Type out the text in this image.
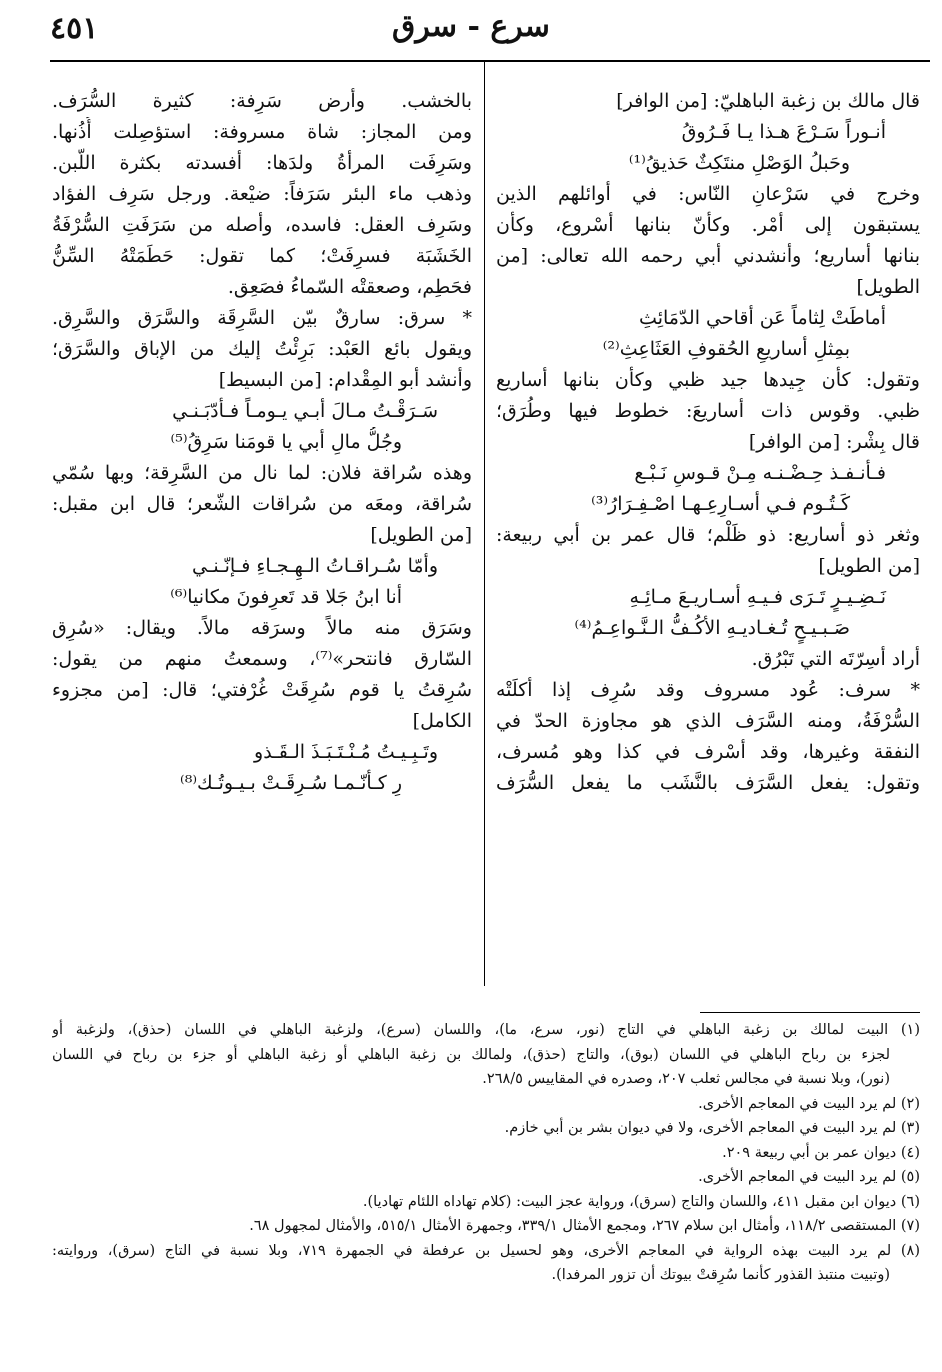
٤٥١	سرع - سرق
قال مالك بن زغبة الباهليّ: [من الوافر]
أنـوراً سَـرْعَ هـذا يـا فَـرُوقُ
وحَبلُ الوَصْلِ منتَكِثٌ حَذيقُ⁽¹⁾
وخرج في سَرْعانِ النّاس: في أوائلهم الذين
يستبقون إلى أمْر. وكأنّ بنانها أسْروع، وكأن
بنانها أساريع؛ وأنشدني أبي رحمه الله تعالى: [من
الطويل]
أماطَتْ لِثاماً عَن أقاحي الدّمَائِثِ
بمِثلِ أساريعِ الحُقوفِ العَثَاعِثِ⁽²⁾
وتقول: كأن جِيدها جيد ظبي وكأن بنانها أساريع
ظبي. وقوس ذات أساريعَ: خطوط فيها وطُرَق؛
قال بِشْر: [من الوافر]
فـأنـفـذ حِـضْـنـه مِـنْ قـوسِ نَـبْـع
كَـتُـوم فـي أسـارِعِـهـا اصْـفِـرَارُ⁽³⁾
وثغر ذو أساريع: ذو ظَلْم؛ قال عمر بن أبي ربيعة:
[من الطويل]
نَـضِـيـرٍ تَـرَى فـيـهِ أسـاريـعَ مـائِـهِ
صَـبـيـحٍ تُـغـاديـهِ الأكُـفُّ الـنَّـواعِـمُ⁽⁴⁾
أراد أسِرّتَه التي تَبْرُق.
* سرف: عُود مسروف وقد سُرِف إذا أكلَتْه
السُّرْفَةُ، ومنه السَّرَف الذي هو مجاوزة الحدّ في
النفقة وغيرها، وقد أسْرف في كذا وهو مُسرف،
وتقول: يفعل السَّرَف بالنَّشَب ما يفعل السُّرَف
بالخشب. وأرض سَرِفة: كثيرة السُّرَف.
ومن المجاز: شاة مسروفة: استؤصِلت أُذُنها.
وسَرِفَت المرأةُ ولدَها: أفسدته بكثرة اللّبن.
وذهب ماء البئر سَرَفاً: ضيْعة. ورجل سَرِف الفؤاد
وسَرِف العقل: فاسده، وأصله من سَرَفَتِ السُّرْفَةُ
الخَشَبَة فسرِفَتْ؛ كما تقول: حَطَمَتْهُ السِّنُّ
فحَطِم، وصعقتْه السّماءُ فصَعِق.
* سرق: سارقٌ بيّن السَّرِقَة والسَّرَق والسَّرِق.
ويقول بائع العَبْد: بَرِئْتُ إليك من الإباق والسَّرَق؛
وأنشد أبو المِقْدام: [من البسيط]
سَـرَقْـتُ مـالَ أبـي يـومـاً فـأدّبَـنـي
وجُلُّ مالِ أبي يا قومَنا سَرِقُ⁽⁵⁾
وهذه سُراقة فلان: لما نال من السَّرِقة؛ وبها سُمّي
سُراقة، ومعَه من سُراقات الشّعر؛ قال ابن مقبل:
[من الطويل]
وأمّا سُـراقـاتُ الـهِـجـاءِ فـإنّـنـي
أنا ابنُ جَلا قد تَعرِفونَ مكانيا⁽⁶⁾
وسَرَق منه مالاً وسرَقه مالاً. ويقال: «سُرِق
السّارق فانتحر»⁽⁷⁾، وسمعتُ منهم من يقول:
سُرِقتُ يا قوم سُرِقَتْ غُرْفتي؛ قال: [من مجزوء
الكامل]
وتَـبِـيـتُ مُـنْـتَـبَـذَ الـقَـذو
رِ كـأنّـمـا سُـرِقَـتْ بـيـوتُـك⁽⁸⁾
(١) البيت لمالك بن زغبة الباهلي في التاج (نور، سرع، ما)، واللسان (سرع)، ولزغبة الباهلي في اللسان (حذق)، ولزغبة أو
لجزء بن رباح الباهلي في اللسان (بوق)، والتاج (حذق)، ولمالك بن زغبة الباهلي أو زغبة الباهلي أو جزء بن رباح في اللسان
(نور)، وبلا نسبة في مجالس ثعلب ٢٠٧، وصدره في المقاييس ٢٦٨/٥.
(٢) لم يرد البيت في المعاجم الأخرى.
(٣) لم يرد البيت في المعاجم الأخرى، ولا في ديوان بشر بن أبي خازم.
(٤) ديوان عمر بن أبي ربيعة ٢٠٩.
(٥) لم يرد البيت في المعاجم الأخرى.
(٦) ديوان ابن مقبل ٤١١، واللسان والتاج (سرق)، ورواية عجز البيت: (كلام تهاداه اللئام تهاديا).
(٧) المستقصى ١١٨/٢، وأمثال ابن سلام ٢٦٧، ومجمع الأمثال ٣٣٩/١، وجمهرة الأمثال ٥١٥/١، والأمثال لمجهول ٦٨.
(٨) لم يرد البيت بهذه الرواية في المعاجم الأخرى، وهو لحسيل بن عرفطة في الجمهرة ٧١٩، وبلا نسبة في التاج (سرق)، وروايته:
(وتبيت منتبذ القذور كأنما سُرِقتْ بيوتك أن تزور المرفدا).
